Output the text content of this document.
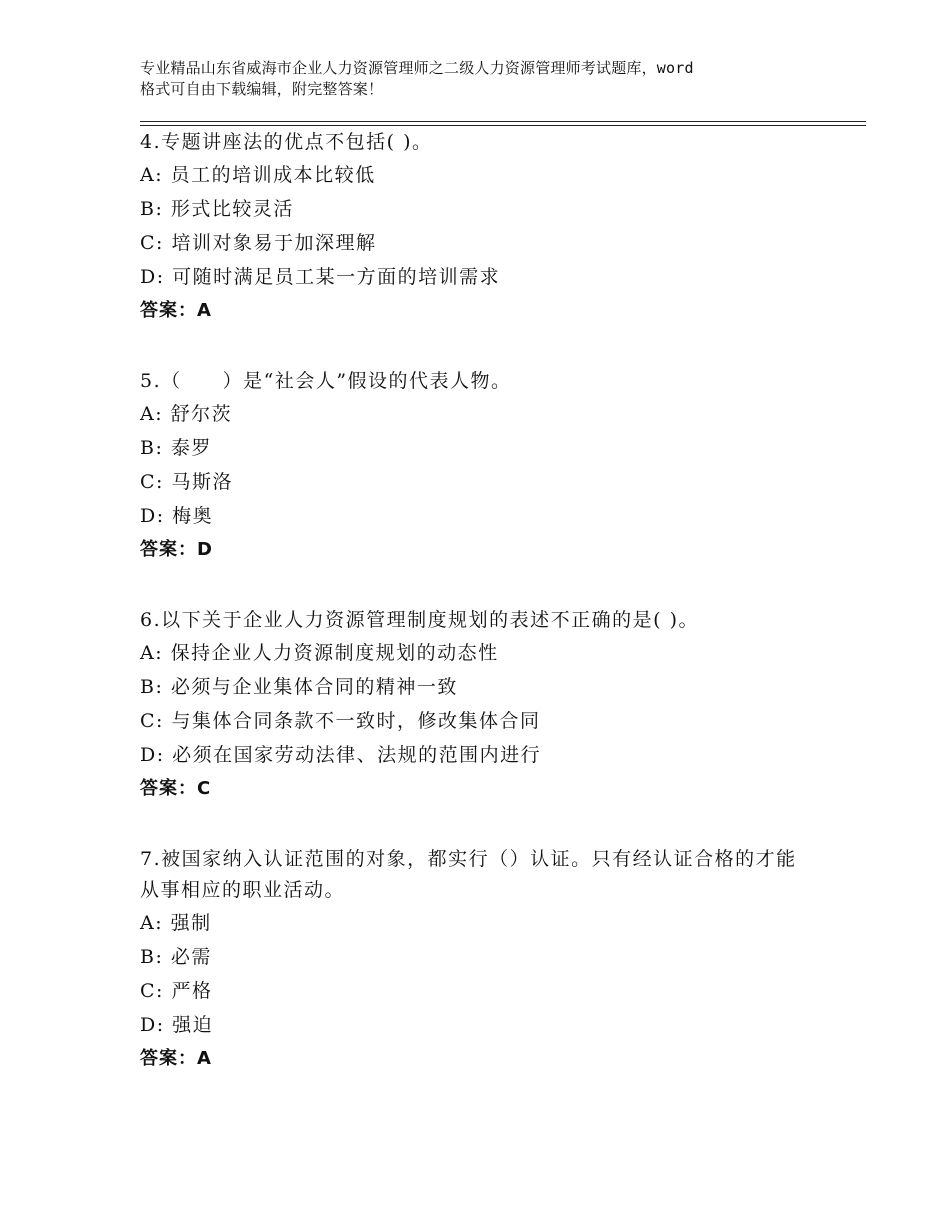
专业精品山东省威海市企业人力资源管理师之二级人力资源管理师考试题库，word
格式可自由下载编辑，附完整答案！
4.专题讲座法的优点不包括( )。
A: 员工的培训成本比较低
B: 形式比较灵活
C: 培训对象易于加深理解
D: 可随时满足员工某一方面的培训需求
答案：A
5.（　　）是“社会人”假设的代表人物。
A: 舒尔茨
B: 泰罗
C: 马斯洛
D: 梅奥
答案：D
6.以下关于企业人力资源管理制度规划的表述不正确的是( )。
A: 保持企业人力资源制度规划的动态性
B: 必须与企业集体合同的精神一致
C: 与集体合同条款不一致时，修改集体合同
D: 必须在国家劳动法律、法规的范围内进行
答案：C
7.被国家纳入认证范围的对象，都实行（）认证。只有经认证合格的才能从事相应的职业活动。
A: 强制
B: 必需
C: 严格
D: 强迫
答案：A
